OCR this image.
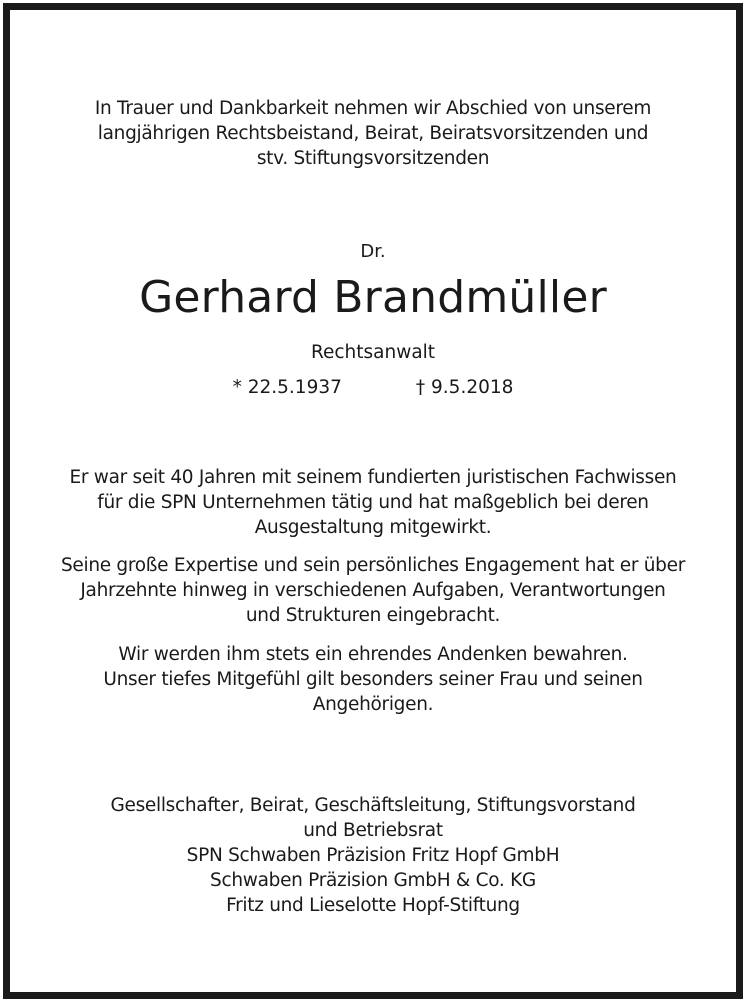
In Trauer und Dankbarkeit nehmen wir Abschied von unserem
langjährigen Rechtsbeistand, Beirat, Beiratsvorsitzenden und
stv. Stiftungsvorsitzenden
Dr.
Gerhard Brandmüller
Rechtsanwalt
* 22.5.1937	† 9.5.2018
Er war seit 40 Jahren mit seinem fundierten juristischen Fachwissen
für die SPN Unternehmen tätig und hat maßgeblich bei deren
Ausgestaltung mitgewirkt.
Seine große Expertise und sein persönliches Engagement hat er über
Jahrzehnte hinweg in verschiedenen Aufgaben, Verantwortungen
und Strukturen eingebracht.
Wir werden ihm stets ein ehrendes Andenken bewahren.
Unser tiefes Mitgefühl gilt besonders seiner Frau und seinen
Angehörigen.
Gesellschafter, Beirat, Geschäftsleitung, Stiftungsvorstand
und Betriebsrat
SPN Schwaben Präzision Fritz Hopf GmbH
Schwaben Präzision GmbH & Co. KG
Fritz und Lieselotte Hopf-Stiftung
